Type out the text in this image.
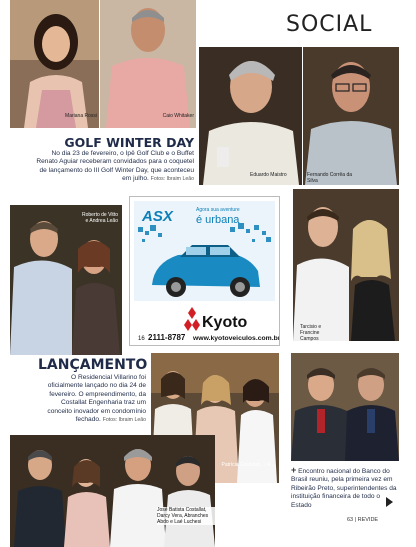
SOCIAL
Mariana Rossi	Caio Whitaker
Eduardo Maistro	Fernando Corrêa da Silva
GOLF WINTER DAY
No dia 23 de fevereiro, o Ipê Golf Club e o Buffet Renato Aguiar receberam convidados para o coquetel de lançamento do III Golf Winter Day, que aconteceu em julho. Fotos: Ibraim Leão
Roberto de Vitto e Andrea Leão ASX	Agora sua aventure
é urbana
Kyoto
16 2111-8787 www.kyotoveiculos.com.br
Tarcisio e Francine Campos
LANÇAMENTO
O Residencial Villarino foi oficialmente lançado no dia 24 de fevereiro. O empreendimento, da Costallat Engenharia traz um conceito inovador em condomínio fechado. Fotos: Ibraim Leão
Patrícia Costallat, ... e ...
José Batista Costallat, Darcy Vera, Abranches Abdo e Laé Luchesi
+ Encontro nacional do Banco do Brasil reuniu, pela primeira vez em Ribeirão Preto, superintendentes da instituição financeira de todo o Estado
63 | REVIDE
